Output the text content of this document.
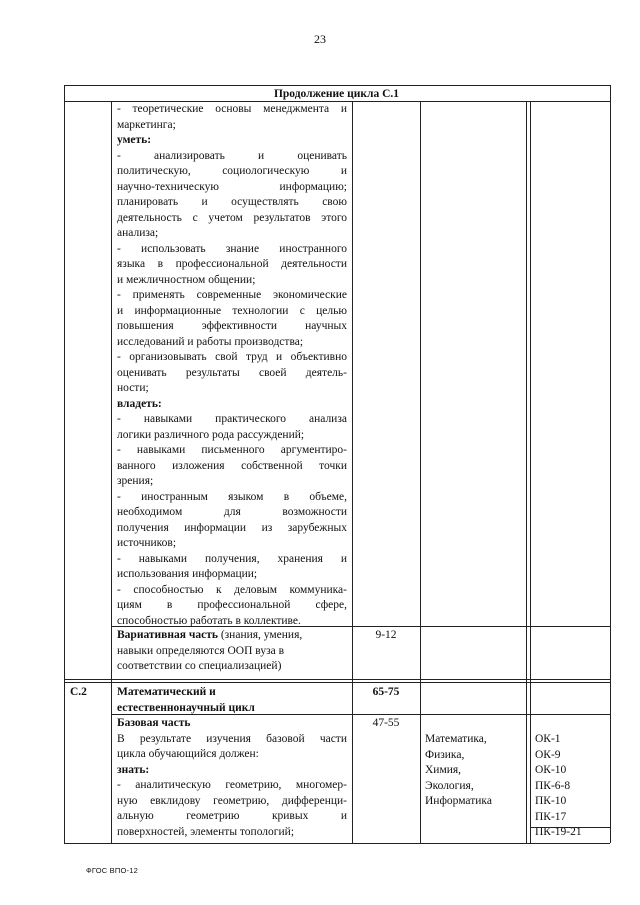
23
Продолжение цикла С.1
- теоретические основы менеджмента и
маркетинга;
уметь:
- анализировать и оценивать
политическую, социологическую и
научно-техническую информацию;
планировать и осуществлять свою
деятельность с учетом результатов этого
анализа;
- использовать знание иностранного
языка в профессиональной деятельности
и межличностном общении;
- применять современные экономические
и информационные технологии с целью
повышения эффективности научных
исследований и работы производства;
- организовывать свой труд и объективно
оценивать результаты своей деятель-
ности;
владеть:
- навыками практического анализа
логики различного рода рассуждений;
- навыками письменного аргументиро-
ванного изложения собственной точки
зрения;
- иностранным языком в объеме,
необходимом для возможности
получения информации из зарубежных
источников;
- навыками получения, хранения и
использования информации;
- способностью к деловым коммуника-
циям в профессиональной сфере,
способностью работать в коллективе.
Вариативная часть (знания, умения,
навыки определяются ООП вуза в
соответствии со специализацией)
9-12
С.2	Математический и
естественнонаучный цикл
65-75
Базовая часть
В результате изучения базовой части
цикла обучающийся должен:
знать:
- аналитическую геометрию, многомер-
ную евклидову геометрию, дифференци-
альную геометрию кривых и
поверхностей, элементы топологий;
47-55
Математика,
Физика,
Химия,
Экология,
Информатика
ОК-1
ОК-9
ОК-10
ПК-6-8
ПК-10
ПК-17
ПК-19-21
ФГОС ВПО-12
